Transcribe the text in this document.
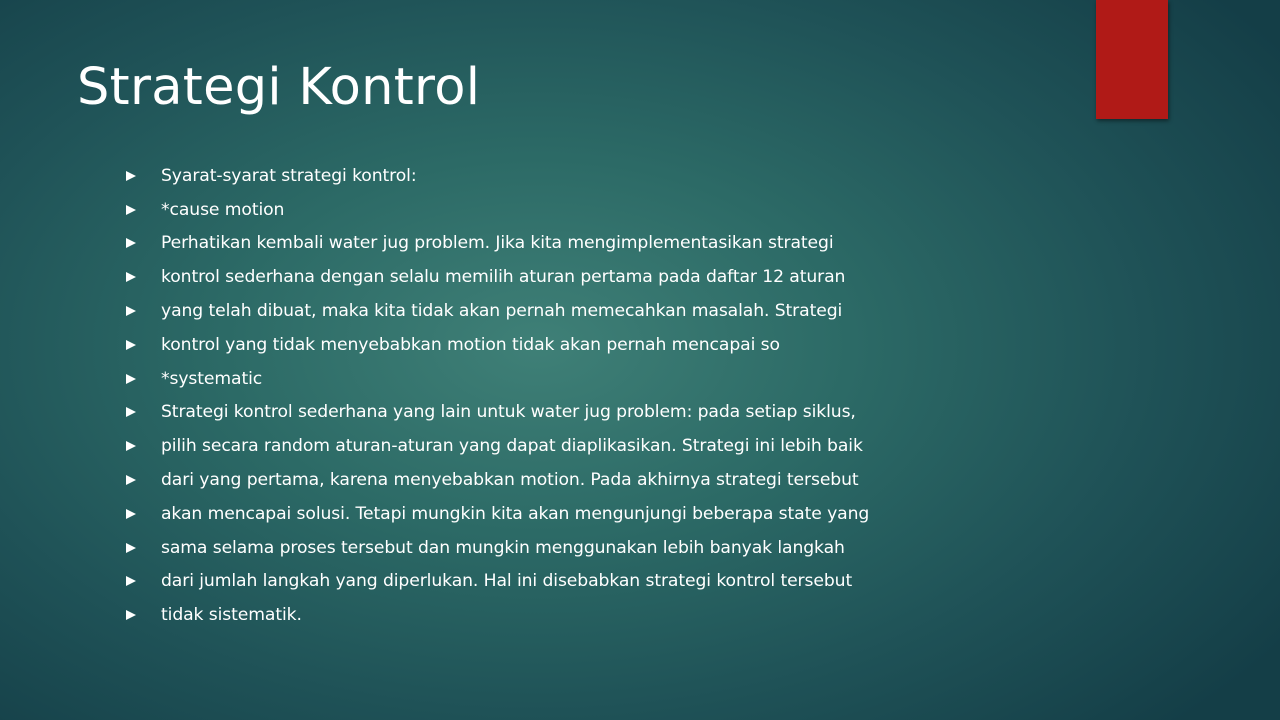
Strategi Kontrol
Syarat-syarat strategi kontrol:
*cause motion
Perhatikan kembali water jug problem. Jika kita mengimplementasikan strategi
kontrol sederhana dengan selalu memilih aturan pertama pada daftar 12 aturan
yang telah dibuat, maka kita tidak akan pernah memecahkan masalah. Strategi
kontrol yang tidak menyebabkan motion tidak akan pernah mencapai so
*systematic
Strategi kontrol sederhana yang lain untuk water jug problem: pada setiap siklus,
pilih secara random aturan-aturan yang dapat diaplikasikan. Strategi ini lebih baik
dari yang pertama, karena menyebabkan motion. Pada akhirnya strategi tersebut
akan mencapai solusi. Tetapi mungkin kita akan mengunjungi beberapa state yang
sama selama proses tersebut dan mungkin menggunakan lebih banyak langkah
dari jumlah langkah yang diperlukan. Hal ini disebabkan strategi kontrol tersebut
tidak sistematik.
